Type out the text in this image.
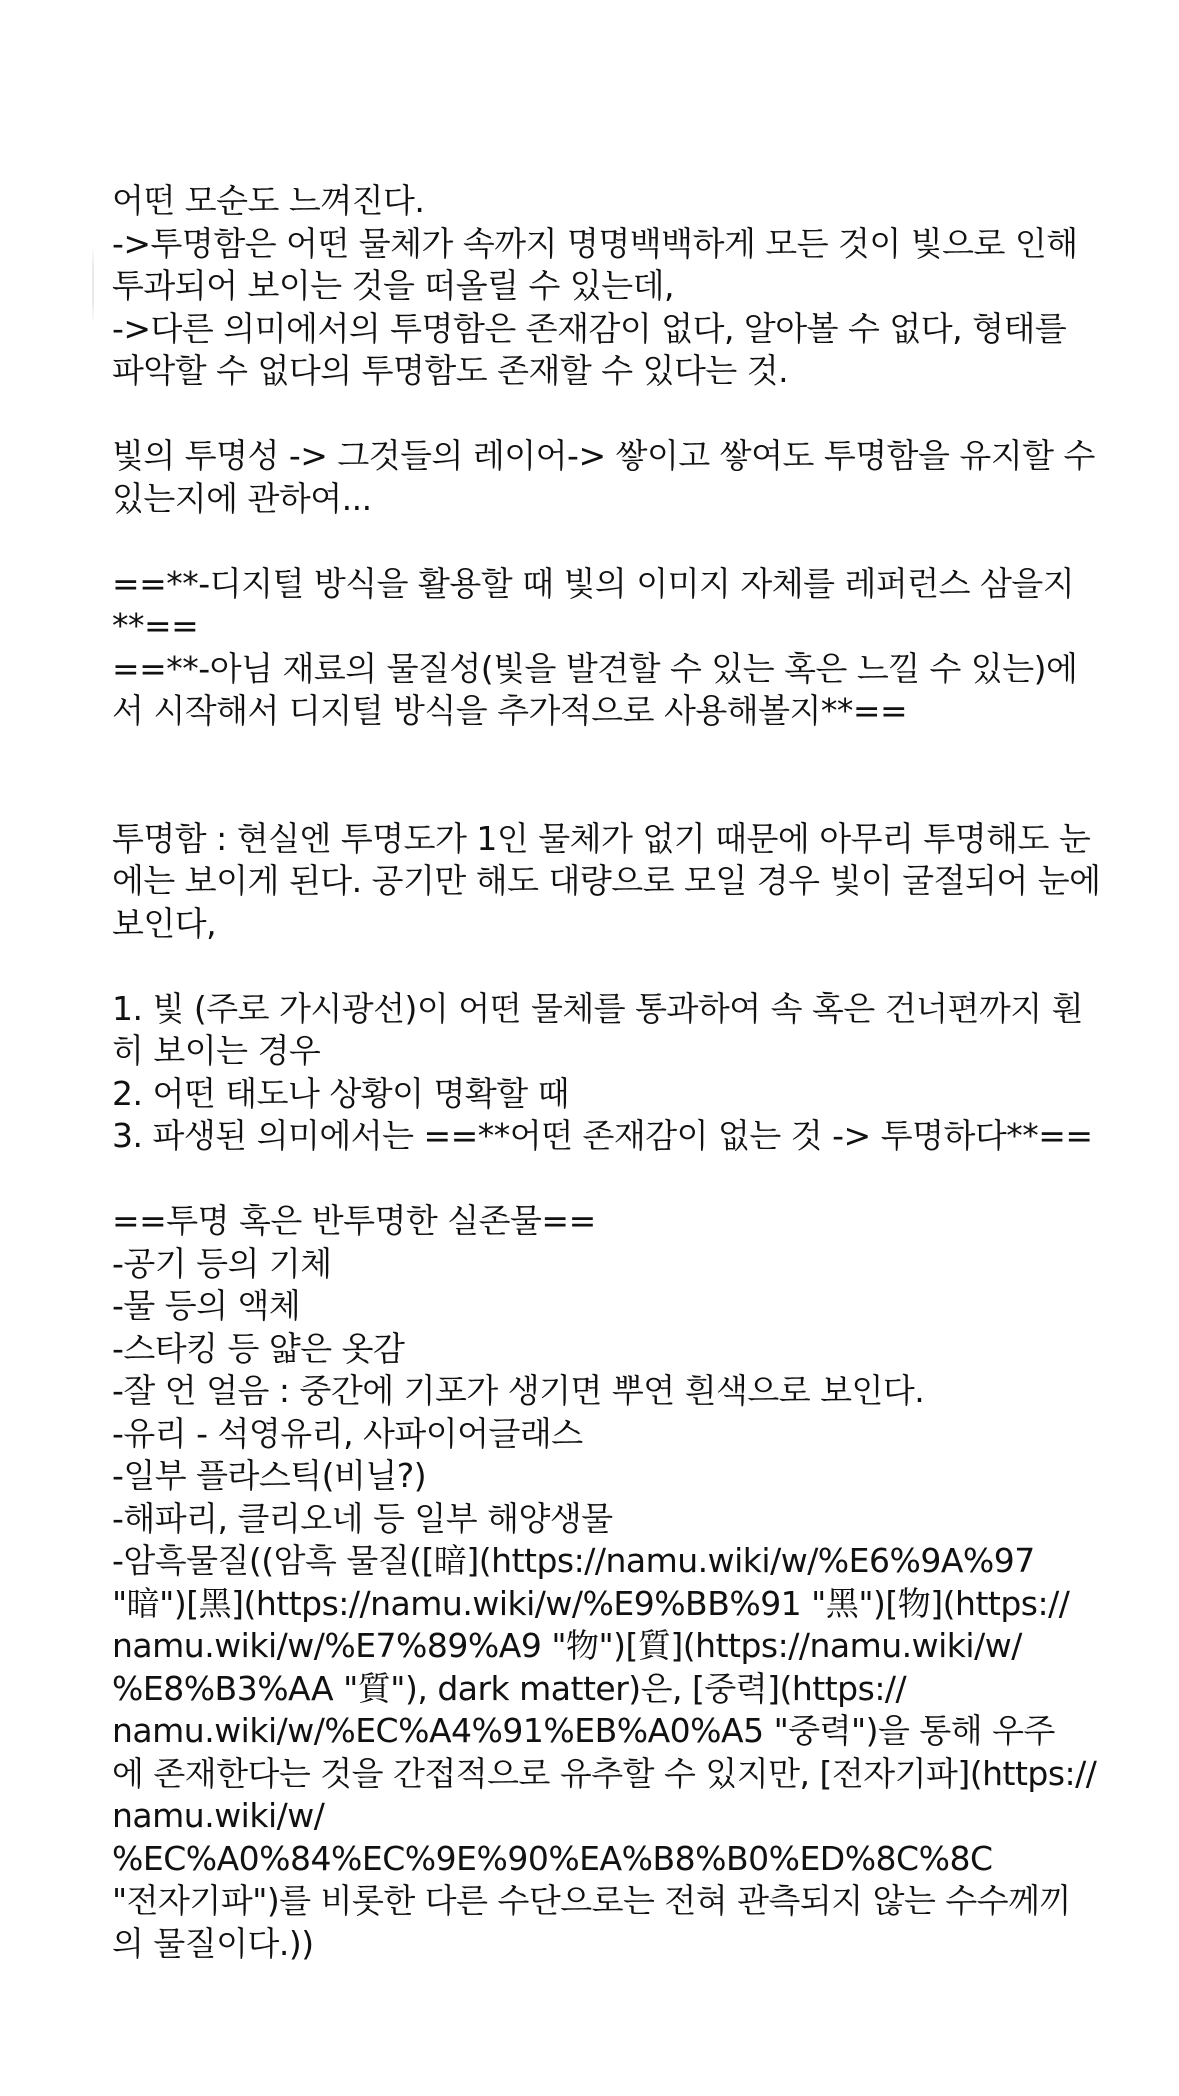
어떤 모순도 느껴진다.
->투명함은 어떤 물체가 속까지 명명백백하게 모든 것이 빛으로 인해
투과되어 보이는 것을 떠올릴 수 있는데,
->다른 의미에서의 투명함은 존재감이 없다, 알아볼 수 없다, 형태를
파악할 수 없다의 투명함도 존재할 수 있다는 것.
빛의 투명성 -> 그것들의 레이어-> 쌓이고 쌓여도 투명함을 유지할 수
있는지에 관하여...
==**-디지털 방식을 활용할 때 빛의 이미지 자체를 레퍼런스 삼을지
**==
==**-아님 재료의 물질성(빛을 발견할 수 있는 혹은 느낄 수 있는)에
서 시작해서 디지털 방식을 추가적으로 사용해볼지**==
투명함 : 현실엔 투명도가 1인 물체가 없기 때문에 아무리 투명해도 눈
에는 보이게 된다. 공기만 해도 대량으로 모일 경우 빛이 굴절되어 눈에
보인다,
1. 빛 (주로 가시광선)이 어떤 물체를 통과하여 속 혹은 건너편까지 훤
히 보이는 경우
2. 어떤 태도나 상황이 명확할 때
3. 파생된 의미에서는 ==**어떤 존재감이 없는 것 -> 투명하다**==
==투명 혹은 반투명한 실존물==
-공기 등의 기체
-물 등의 액체
-스타킹 등 얇은 옷감
-잘 언 얼음 : 중간에 기포가 생기면 뿌연 흰색으로 보인다.
-유리 - 석영유리, 사파이어글래스
-일부 플라스틱(비닐?)
-해파리, 클리오네 등 일부 해양생물
-암흑물질((암흑 물질([暗](https://namu.wiki/w/%E6%9A%97
"暗")[黑](https://namu.wiki/w/%E9%BB%91 "黑")[物](https://
namu.wiki/w/%E7%89%A9 "物")[質](https://namu.wiki/w/
%E8%B3%AA "質"), dark matter)은, [중력](https://
namu.wiki/w/%EC%A4%91%EB%A0%A5 "중력")을 통해 우주
에 존재한다는 것을 간접적으로 유추할 수 있지만, [전자기파](https://
namu.wiki/w/
%EC%A0%84%EC%9E%90%EA%B8%B0%ED%8C%8C
"전자기파")를 비롯한 다른 수단으로는 전혀 관측되지 않는 수수께끼
의 물질이다.))
